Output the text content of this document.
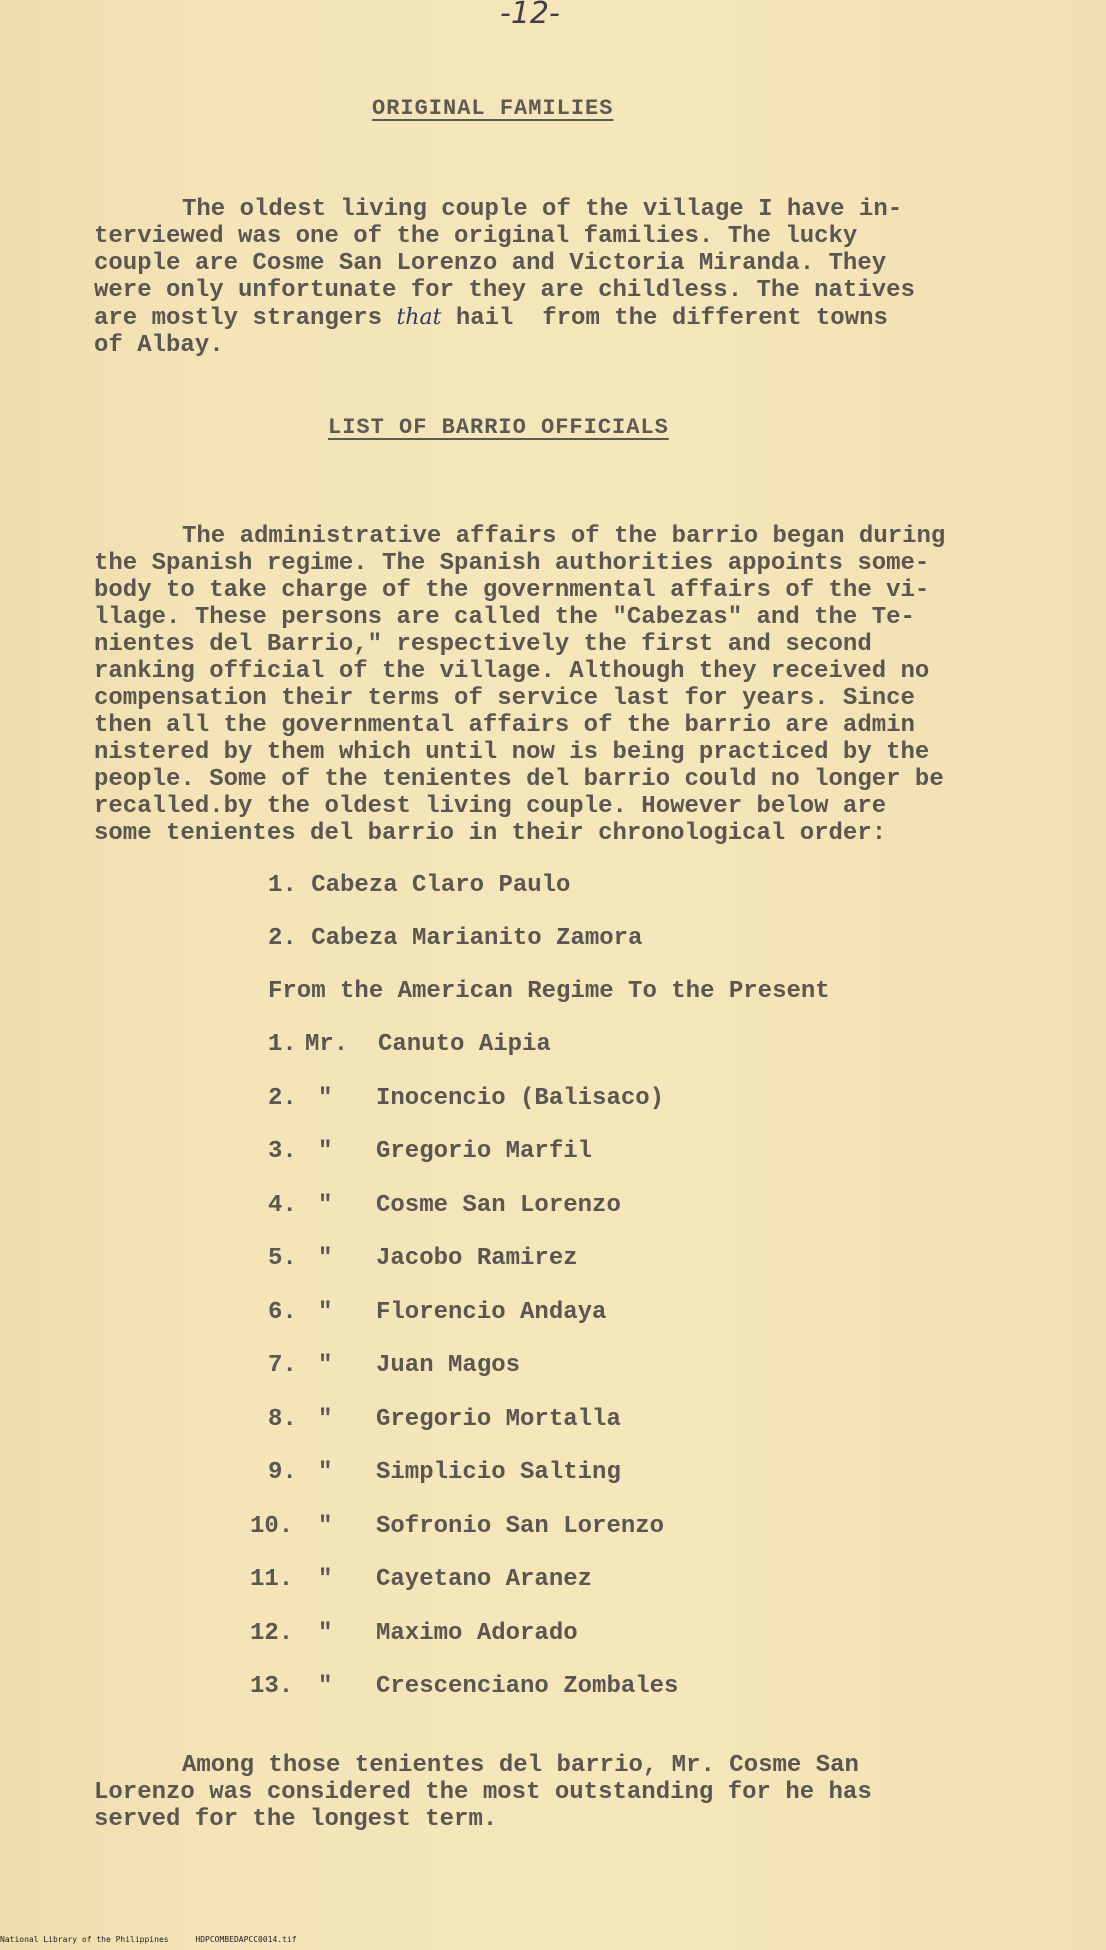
-12-
ORIGINAL FAMILIES

The oldest living couple of the village I have in-
terviewed was one of the original families. The lucky
couple are Cosme San Lorenzo and Victoria Miranda. They
were only unfortunate for they are childless. The natives
are mostly strangers that hail  from the different towns
of Albay.

LIST OF BARRIO OFFICIALS

The administrative affairs of the barrio began during
the Spanish regime. The Spanish authorities appoints some-
body to take charge of the governmental affairs of the vi-
llage. These persons are called the "Cabezas" and the Te-
nientes del Barrio," respectively the first and second
ranking official of the village. Although they received no
compensation their terms of service last for years. Since
then all the governmental affairs of the barrio are admin
nistered by them which until now is being practiced by the
people. Some of the tenientes del barrio could no longer be
recalled.by the oldest living couple. However below are
some tenientes del barrio in their chronological order:

1. Cabeza Claro Paulo
2. Cabeza Marianito Zamora
From the American Regime To the Present
1. Mr. Canuto Aipia
2. " Inocencio (Balisaco)
3. " Gregorio Marfil
4. " Cosme San Lorenzo
5. " Jacobo Ramirez
6. " Florencio Andaya
7. " Juan Magos
8. " Gregorio Mortalla
9. " Simplicio Salting
10. " Sofronio San Lorenzo
11. " Cayetano Aranez
12. " Maximo Adorado
13. " Crescenciano Zombales

Among those tenientes del barrio, Mr. Cosme San
Lorenzo was considered the most outstanding for he has
served for the longest term.

National Library of the Philippines	HDPCOMBEDAPCC0014.tif
